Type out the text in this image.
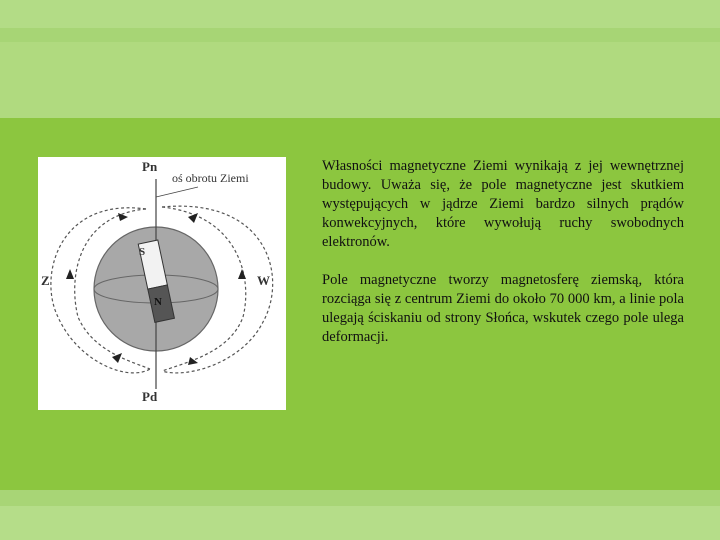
Pn
oś obrotu Ziemi
Z	W
Pd
S
N

Własności magnetyczne Ziemi wynikają z jej wewnętrznej budowy. Uważa się, że pole magnetyczne jest skutkiem występujących w jądrze Ziemi bardzo silnych prądów konwekcyjnych, które wywołują ruchy swobodnych elektronów.

Pole magnetyczne tworzy magnetosferę ziemską, która rozciąga się z centrum Ziemi do około 70 000 km, a linie pola ulegają ściskaniu od strony Słońca, wskutek czego pole ulega deformacji.
